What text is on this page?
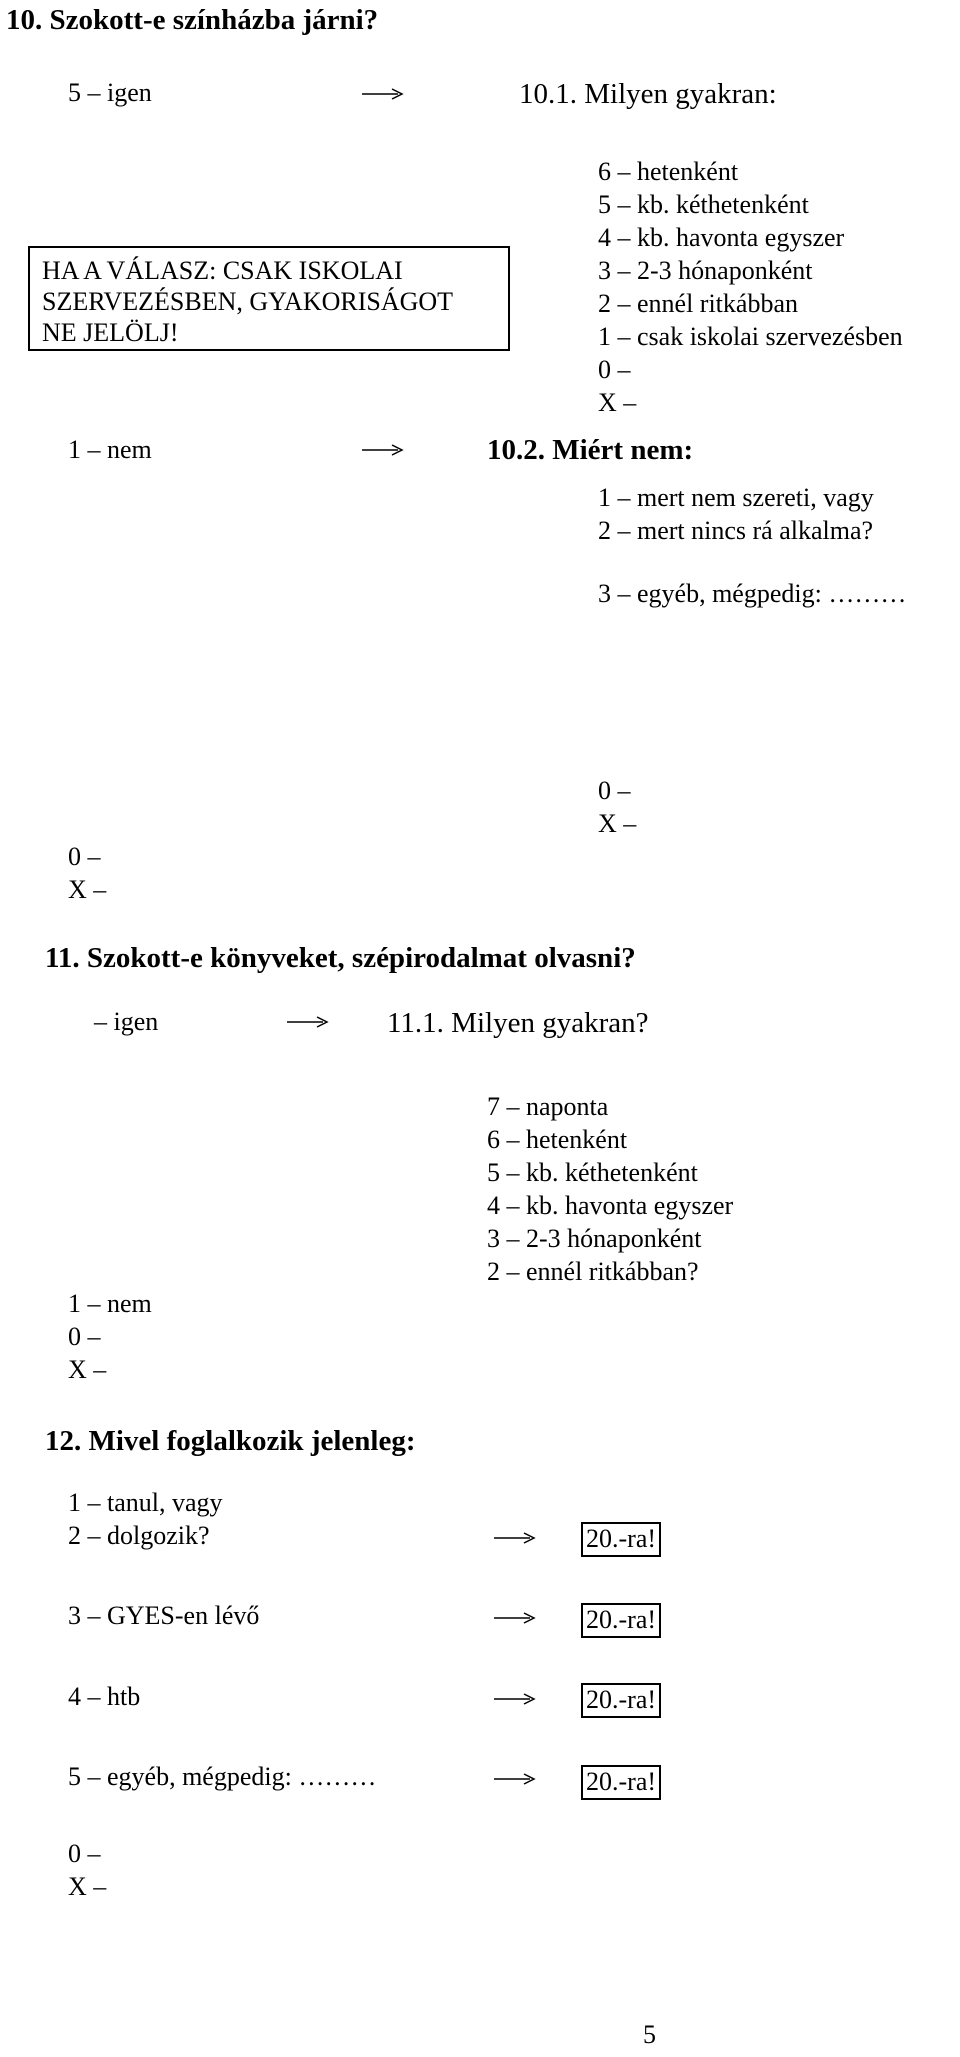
10. Szokott-e színházba járni?
5 – igen	10.1. Milyen gyakran:
HA A VÁLASZ: CSAK ISKOLAI
SZERVEZÉSBEN, GYAKORISÁGOT
NE JELÖLJ!
6 – hetenként
5 – kb. kéthetenként
4 – kb. havonta egyszer
3 – 2-3 hónaponként
2 – ennél ritkábban
1 – csak iskolai szervezésben
0 –
X –
1 – nem	10.2. Miért nem:
1 – mert nem szereti, vagy
2 – mert nincs rá alkalma?
3 – egyéb, mégpedig: ………
0 –
X –
0 –
X –
11. Szokott-e könyveket, szépirodalmat olvasni?
– igen	11.1. Milyen gyakran?
7 – naponta
6 – hetenként
5 – kb. kéthetenként
4 – kb. havonta egyszer
3 – 2-3 hónaponként
2 – ennél ritkábban?
1 – nem
0 –
X –
12. Mivel foglalkozik jelenleg:
1 – tanul, vagy
2 – dolgozik?	20.-ra!
3 – GYES-en lévő	20.-ra!
4 – htb	20.-ra!
5 – egyéb, mégpedig: ………	20.-ra!
0 –
X –
5
